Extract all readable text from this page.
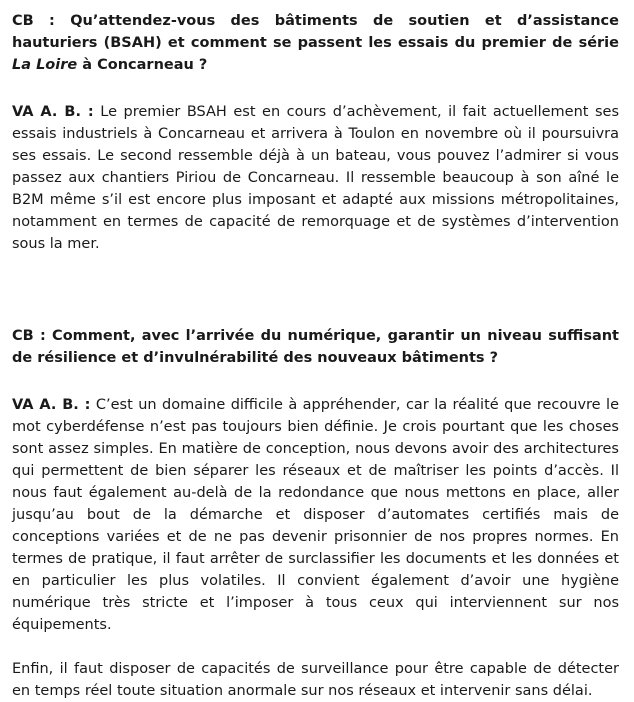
CB : Qu’attendez-vous des bâtiments de soutien et d’assistance hauturiers (BSAH) et comment se passent les essais du premier de série La Loire à Concarneau ?

VA A. B. : Le premier BSAH est en cours d’achèvement, il fait actuellement ses essais industriels à Concarneau et arrivera à Toulon en novembre où il poursuivra ses essais. Le second ressemble déjà à un bateau, vous pouvez l’admirer si vous passez aux chantiers Piriou de Concarneau. Il ressemble beaucoup à son aîné le B2M même s’il est encore plus imposant et adapté aux missions métropolitaines, notamment en termes de capacité de remorquage et de systèmes d’intervention sous la mer.

CB : Comment, avec l’arrivée du numérique, garantir un niveau suffisant de résilience et d’invulnérabilité des nouveaux bâtiments ?

VA A. B. : C’est un domaine difficile à appréhender, car la réalité que recouvre le mot cyberdéfense n’est pas toujours bien définie. Je crois pourtant que les choses sont assez simples. En matière de conception, nous devons avoir des architectures qui permettent de bien séparer les réseaux et de maîtriser les points d’accès. Il nous faut également au-delà de la redondance que nous mettons en place, aller jusqu’au bout de la démarche et disposer d’automates certifiés mais de conceptions variées et de ne pas devenir prisonnier de nos propres normes. En termes de pratique, il faut arrêter de surclassifier les documents et les données et en particulier les plus volatiles. Il convient également d’avoir une hygiène numérique très stricte et l’imposer à tous ceux qui interviennent sur nos équipements.

Enfin, il faut disposer de capacités de surveillance pour être capable de détecter en temps réel toute situation anormale sur nos réseaux et intervenir sans délai.
